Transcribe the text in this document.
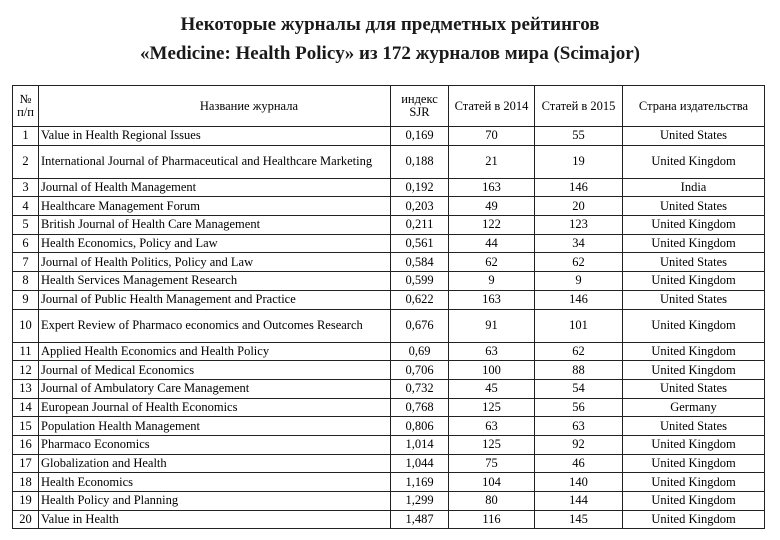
Некоторые журналы для предметных рейтингов
«Medicine: Health Policy» из 172 журналов мира (Scimajor)
№ п/п	Название журнала	индекс SJR	Статей в 2014	Статей в 2015	Страна издательства
1	Value in Health Regional Issues	0,169	70	55	United States
2	International Journal of Pharmaceutical and Healthcare Marketing	0,188	21	19	United Kingdom
3	Journal of Health Management	0,192	163	146	India
4	Healthcare Management Forum	0,203	49	20	United States
5	British Journal of Health Care Management	0,211	122	123	United Kingdom
6	Health Economics, Policy and Law	0,561	44	34	United Kingdom
7	Journal of Health Politics, Policy and Law	0,584	62	62	United States
8	Health Services Management Research	0,599	9	9	United Kingdom
9	Journal of Public Health Management and Practice	0,622	163	146	United States
10	Expert Review of Pharmaco economics and Outcomes Research	0,676	91	101	United Kingdom
11	Applied Health Economics and Health Policy	0,69	63	62	United Kingdom
12	Journal of Medical Economics	0,706	100	88	United Kingdom
13	Journal of Ambulatory Care Management	0,732	45	54	United States
14	European Journal of Health Economics	0,768	125	56	Germany
15	Population Health Management	0,806	63	63	United States
16	Pharmaco Economics	1,014	125	92	United Kingdom
17	Globalization and Health	1,044	75	46	United Kingdom
18	Health Economics	1,169	104	140	United Kingdom
19	Health Policy and Planning	1,299	80	144	United Kingdom
20	Value in Health	1,487	116	145	United Kingdom
